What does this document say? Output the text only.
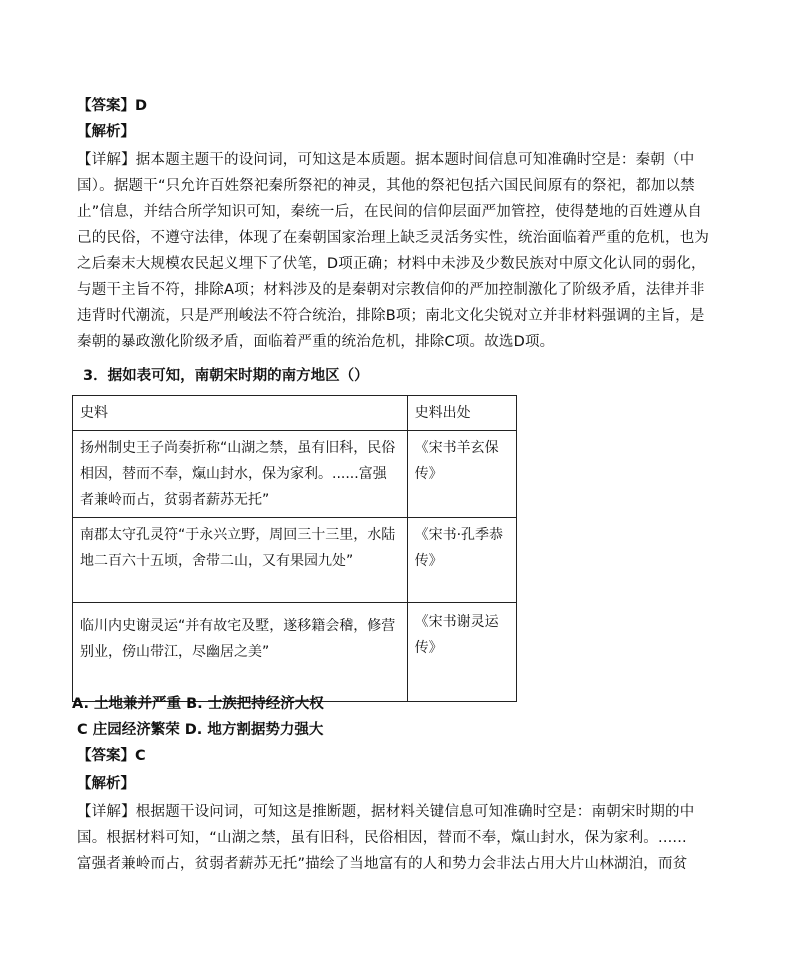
【答案】D
【解析】
【详解】据本题主题干的设问词，可知这是本质题。据本题时间信息可知准确时空是：秦朝（中
国）。据题干“只允许百姓祭祀秦所祭祀的神灵，其他的祭祀包括六国民间原有的祭祀，都加以禁
止”信息，并结合所学知识可知，秦统一后，在民间的信仰层面严加管控，使得楚地的百姓遵从自
己的民俗，不遵守法律，体现了在秦朝国家治理上缺乏灵活务实性，统治面临着严重的危机，也为
之后秦末大规模农民起义埋下了伏笔，D项正确；材料中未涉及少数民族对中原文化认同的弱化，
与题干主旨不符，排除A项；材料涉及的是秦朝对宗教信仰的严加控制激化了阶级矛盾，法律并非
违背时代潮流，只是严刑峻法不符合统治，排除B项；南北文化尖锐对立并非材料强调的主旨，是
秦朝的暴政激化阶级矛盾，面临着严重的统治危机，排除C项。故选D项。
3．据如表可知，南朝宋时期的南方地区（）
史料	史料出处
扬州制史王子尚奏折称“山湖之禁，虽有旧科，民俗相因，替而不奉，熂山封水，保为家利。......富强者兼岭而占，贫弱者薪苏无托”	《宋书羊玄保传》
南郡太守孔灵符“于永兴立野，周回三十三里，水陆地二百六十五顷，舍带二山，又有果园九处”	《宋书·孔季恭传》
临川内史谢灵运“并有故宅及墅，遂移籍会稽，修营别业，傍山带江，尽幽居之美”	《宋书谢灵运传》
A. 土地兼并严重 B. 士族把持经济大权
C 庄园经济繁荣 D. 地方割据势力强大
【答案】C
【解析】
【详解】根据题干设问词，可知这是推断题，据材料关键信息可知准确时空是：南朝宋时期的中
国。根据材料可知，“山湖之禁，虽有旧科，民俗相因，替而不奉，熂山封水，保为家利。......
富强者兼岭而占，贫弱者薪苏无托”描绘了当地富有的人和势力会非法占用大片山林湖泊，而贫
